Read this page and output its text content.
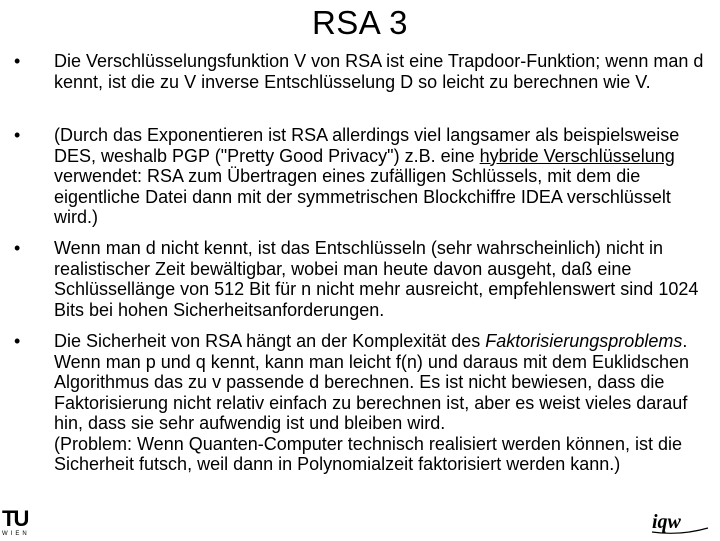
RSA 3
•	Die Verschlüsselungsfunktion V von RSA ist eine Trapdoor-Funktion; wenn man d kennt, ist die zu V inverse Entschlüsselung D so leicht zu berechnen wie V.
•	(Durch das Exponentieren ist RSA allerdings viel langsamer als beispielsweise DES, weshalb PGP ("Pretty Good Privacy") z.B. eine hybride Verschlüsselung verwendet: RSA zum Übertragen eines zufälligen Schlüssels, mit dem die eigentliche Datei dann mit der symmetrischen Blockchiffre IDEA verschlüsselt wird.)
•	Wenn man d nicht kennt, ist das Entschlüsseln (sehr wahrscheinlich) nicht in realistischer Zeit bewältigbar, wobei man heute davon ausgeht, daß eine Schlüssellänge von 512 Bit für n nicht mehr ausreicht, empfehlenswert sind 1024 Bits bei hohen Sicherheitsanforderungen.
•	Die Sicherheit von RSA hängt an der Komplexität des Faktorisierungsproblems. Wenn man p und q kennt, kann man leicht f(n) und daraus mit dem Euklidschen Algorithmus das zu v passende d berechnen. Es ist nicht bewiesen, dass die Faktorisierung nicht relativ einfach zu berechnen ist, aber es weist vieles darauf hin, dass sie sehr aufwendig ist und bleiben wird.
(Problem: Wenn Quanten-Computer technisch realisiert werden können, ist die Sicherheit futsch, weil dann in Polynomialzeit faktorisiert werden kann.)
TU
WIEN
iqw
